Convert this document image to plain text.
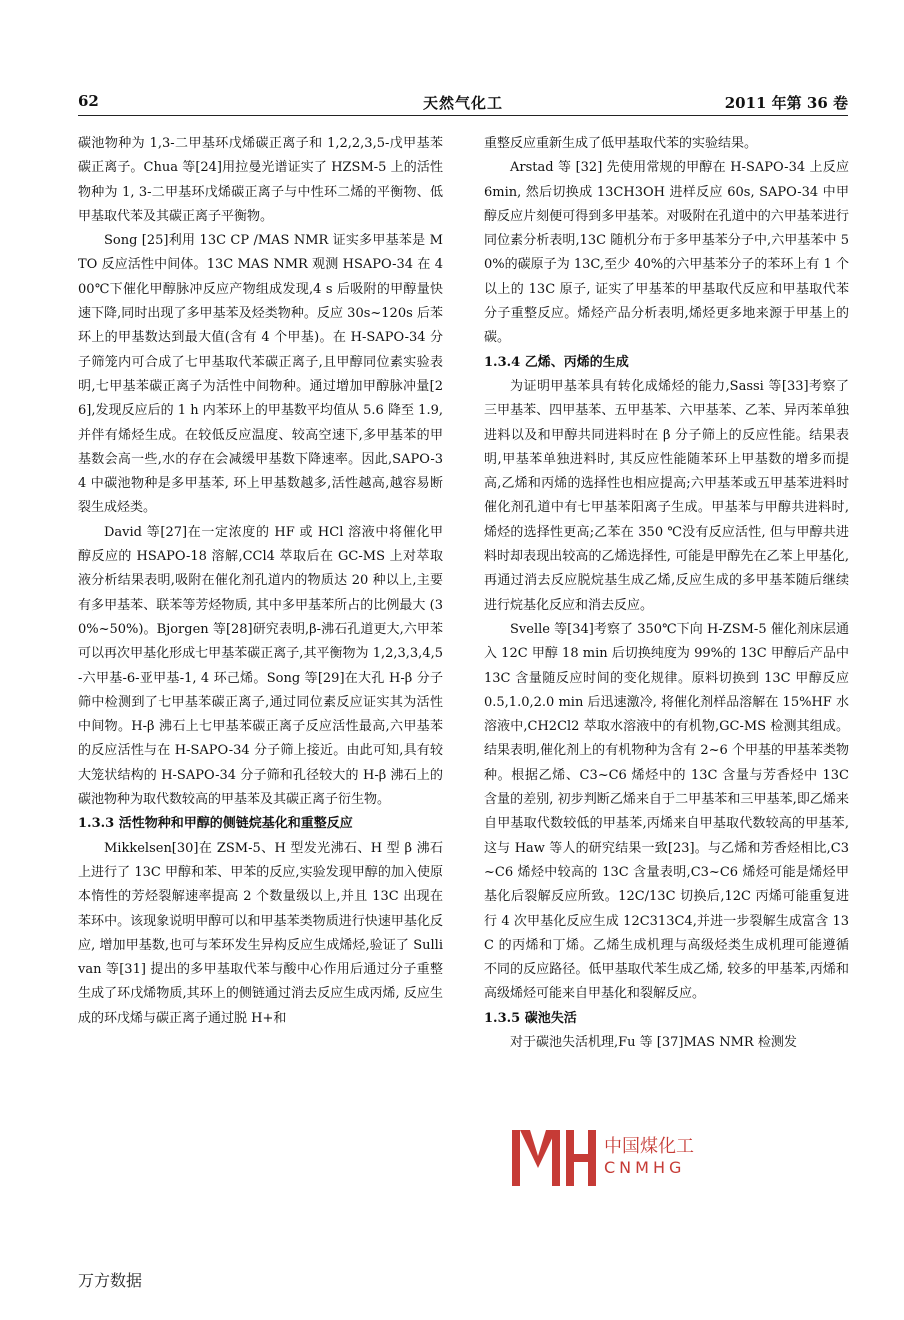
62	天然气化工	2011 年第 36 卷

碳池物种为 1,3-二甲基环戊烯碳正离子和 1,2,2,3,5-戊甲基苯碳正离子。Chua 等[24]用拉曼光谱证实了 HZSM-5 上的活性物种为 1, 3-二甲基环戊烯碳正离子与中性环二烯的平衡物、低甲基取代苯及其碳正离子平衡物。

Song [25]利用 13C CP /MAS NMR 证实多甲基苯是 MTO 反应活性中间体。13C MAS NMR 观测 HSAPO-34 在 400℃下催化甲醇脉冲反应产物组成发现,4 s 后吸附的甲醇量快速下降,同时出现了多甲基苯及烃类物种。反应 30s~120s 后苯环上的甲基数达到最大值(含有 4 个甲基)。在 H-SAPO-34 分子筛笼内可合成了七甲基取代苯碳正离子,且甲醇同位素实验表明,七甲基苯碳正离子为活性中间物种。通过增加甲醇脉冲量[26],发现反应后的 1 h 内苯环上的甲基数平均值从 5.6 降至 1.9,并伴有烯烃生成。在较低反应温度、较高空速下,多甲基苯的甲基数会高一些,水的存在会减缓甲基数下降速率。因此,SAPO-34 中碳池物种是多甲基苯, 环上甲基数越多,活性越高,越容易断裂生成烃类。

David 等[27]在一定浓度的 HF 或 HCl 溶液中将催化甲醇反应的 HSAPO-18 溶解,CCl4 萃取后在 GC-MS 上对萃取液分析结果表明,吸附在催化剂孔道内的物质达 20 种以上,主要有多甲基苯、联苯等芳烃物质, 其中多甲基苯所占的比例最大 (30%~50%)。Bjorgen 等[28]研究表明,β-沸石孔道更大,六甲苯可以再次甲基化形成七甲基苯碳正离子,其平衡物为 1,2,3,3,4,5-六甲基-6-亚甲基-1, 4 环己烯。Song 等[29]在大孔 H-β 分子筛中检测到了七甲基苯碳正离子,通过同位素反应证实其为活性中间物。H-β 沸石上七甲基苯碳正离子反应活性最高,六甲基苯的反应活性与在 H-SAPO-34 分子筛上接近。由此可知,具有较大笼状结构的 H-SAPO-34 分子筛和孔径较大的 H-β 沸石上的碳池物种为取代数较高的甲基苯及其碳正离子衍生物。

1.3.3 活性物种和甲醇的侧链烷基化和重整反应

Mikkelsen[30]在 ZSM-5、H 型发光沸石、H 型 β 沸石上进行了 13C 甲醇和苯、甲苯的反应,实验发现甲醇的加入使原本惰性的芳烃裂解速率提高 2 个数量级以上,并且 13C 出现在苯环中。该现象说明甲醇可以和甲基苯类物质进行快速甲基化反应, 增加甲基数,也可与苯环发生异构反应生成烯烃,验证了 Sullivan 等[31] 提出的多甲基取代苯与酸中心作用后通过分子重整生成了环戊烯物质,其环上的侧链通过消去反应生成丙烯, 反应生成的环戊烯与碳正离子通过脱 H+和

重整反应重新生成了低甲基取代苯的实验结果。

Arstad 等 [32] 先使用常规的甲醇在 H-SAPO-34 上反应 6min, 然后切换成 13CH3OH 进样反应 60s, SAPO-34 中甲醇反应片刻便可得到多甲基苯。对吸附在孔道中的六甲基苯进行同位素分析表明,13C 随机分布于多甲基苯分子中,六甲基苯中 50%的碳原子为 13C,至少 40%的六甲基苯分子的苯环上有 1 个以上的 13C 原子, 证实了甲基苯的甲基取代反应和甲基取代苯分子重整反应。烯烃产品分析表明,烯烃更多地来源于甲基上的碳。

1.3.4 乙烯、丙烯的生成

为证明甲基苯具有转化成烯烃的能力,Sassi 等[33]考察了三甲基苯、四甲基苯、五甲基苯、六甲基苯、乙苯、异丙苯单独进料以及和甲醇共同进料时在 β 分子筛上的反应性能。结果表明,甲基苯单独进料时, 其反应性能随苯环上甲基数的增多而提高,乙烯和丙烯的选择性也相应提高;六甲基苯或五甲基苯进料时催化剂孔道中有七甲基苯阳离子生成。甲基苯与甲醇共进料时,烯烃的选择性更高;乙苯在 350 ℃没有反应活性, 但与甲醇共进料时却表现出较高的乙烯选择性, 可能是甲醇先在乙苯上甲基化,再通过消去反应脱烷基生成乙烯,反应生成的多甲基苯随后继续进行烷基化反应和消去反应。

Svelle 等[34]考察了 350℃下向 H-ZSM-5 催化剂床层通入 12C 甲醇 18 min 后切换纯度为 99%的 13C 甲醇后产品中 13C 含量随反应时间的变化规律。原料切换到 13C 甲醇反应 0.5,1.0,2.0 min 后迅速激冷, 将催化剂样品溶解在 15%HF 水溶液中,CH2Cl2 萃取水溶液中的有机物,GC-MS 检测其组成。结果表明,催化剂上的有机物种为含有 2~6 个甲基的甲基苯类物种。根据乙烯、C3~C6 烯烃中的 13C 含量与芳香烃中 13C 含量的差别, 初步判断乙烯来自于二甲基苯和三甲基苯,即乙烯来自甲基取代数较低的甲基苯,丙烯来自甲基取代数较高的甲基苯,这与 Haw 等人的研究结果一致[23]。与乙烯和芳香烃相比,C3~C6 烯烃中较高的 13C 含量表明,C3~C6 烯烃可能是烯烃甲基化后裂解反应所致。12C/13C 切换后,12C 丙烯可能重复进行 4 次甲基化反应生成 12C313C4,并进一步裂解生成富含 13C 的丙烯和丁烯。乙烯生成机理与高级烃类生成机理可能遵循不同的反应路径。低甲基取代苯生成乙烯, 较多的甲基苯,丙烯和高级烯烃可能来自甲基化和裂解反应。

1.3.5 碳池失活

对于碳池失活机理,Fu 等 [37]MAS NMR 检测发

中国煤化工
CNMHG
万方数据
